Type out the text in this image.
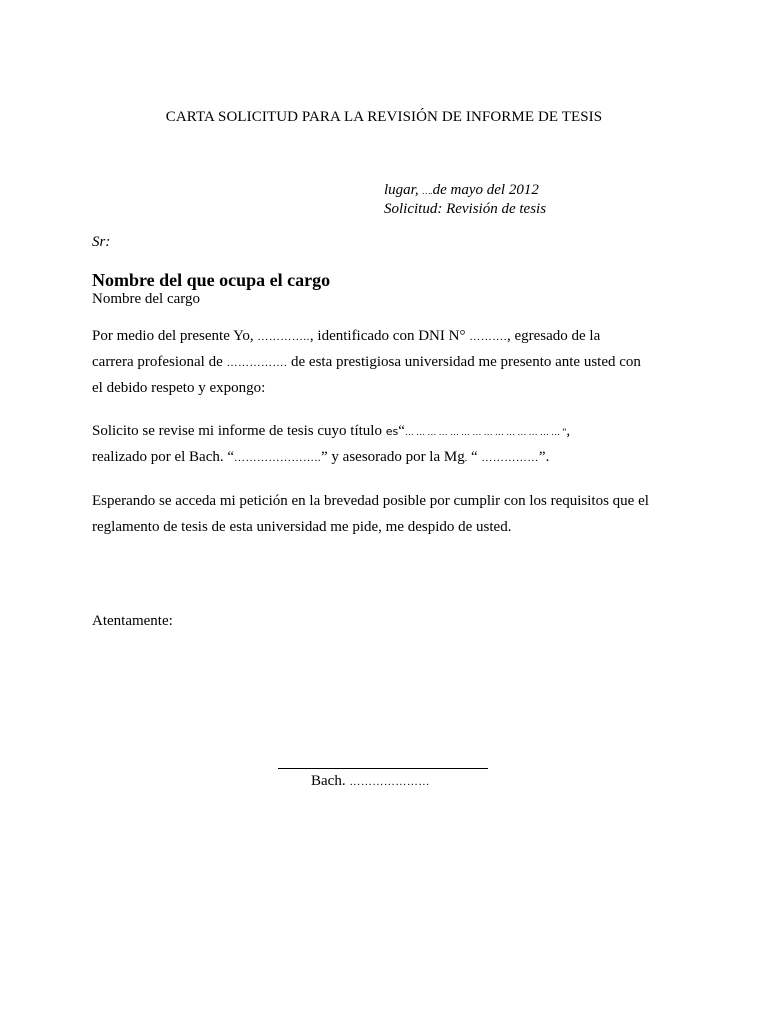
CARTA SOLICITUD PARA LA REVISIÓN DE INFORME DE TESIS
lugar, ….de mayo del 2012
Solicitud: Revisión de tesis
Sr:
Nombre del que ocupa el cargo
Nombre del cargo
Por medio del presente Yo, ………….., identificado con DNI N° ………., egresado de la
carrera profesional de ……………. de esta prestigiosa universidad me presento ante usted con
el debido respeto y expongo:
Solicito se revise mi informe de tesis cuyo título es“… … … … … … … … … … … … … … ”,
realizado por el Bach. “…………………..” y asesorado por la Mg. “ ……………”.
Esperando se acceda mi petición en la brevedad posible por cumplir con los requisitos que el
reglamento de tesis de esta universidad me pide, me despido de usted.
Atentamente:
Bach. …………………
